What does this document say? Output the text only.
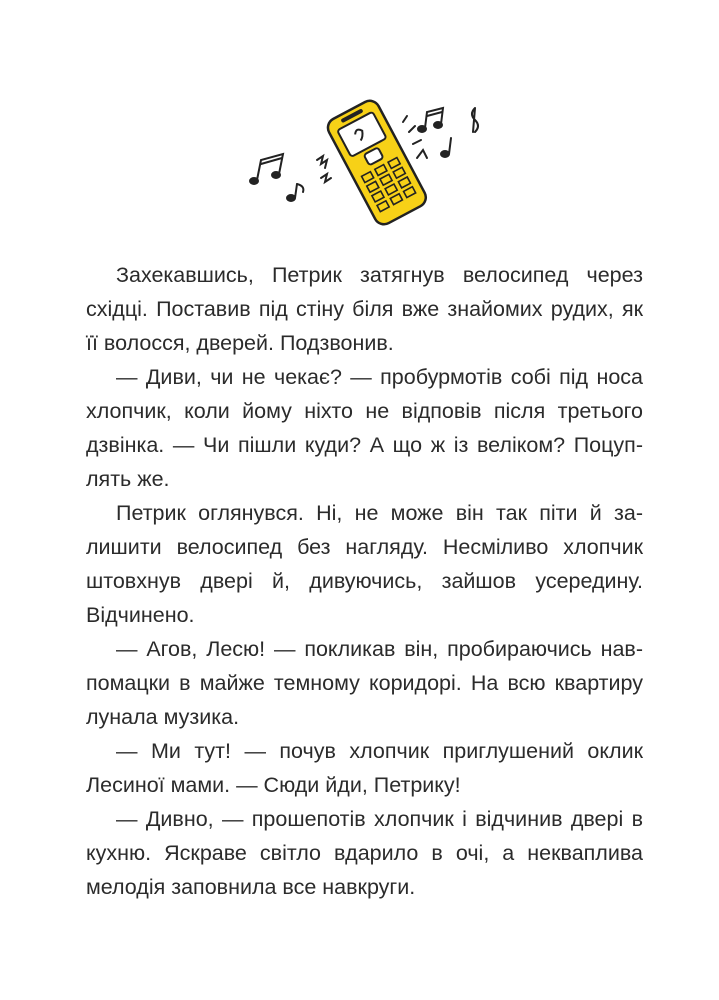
Захекавшись, Петрик затягнув велосипед через східці. Поставив під стіну біля вже знайомих рудих, як її волосся, дверей. Подзвонив.

— Диви, чи не чекає? — пробурмотів собі під носа хлопчик, коли йому ніхто не відповів після третього дзвінка. — Чи пішли куди? А що ж із веліком? Поцуплять же.

Петрик оглянувся. Ні, не може він так піти й залишити велосипед без нагляду. Несміливо хлопчик штовхнув двері й, дивуючись, зайшов усередину. Відчинено.

— Агов, Лесю! — покликав він, пробираючись навпомацки в майже темному коридорі. На всю квартиру лунала музика.

— Ми тут! — почув хлопчик приглушений оклик Лесиної мами. — Сюди йди, Петрику!

— Дивно, — прошепотів хлопчик і відчинив двері в кухню. Яскраве світло вдарило в очі, а некваплива мелодія заповнила все навкруги.
